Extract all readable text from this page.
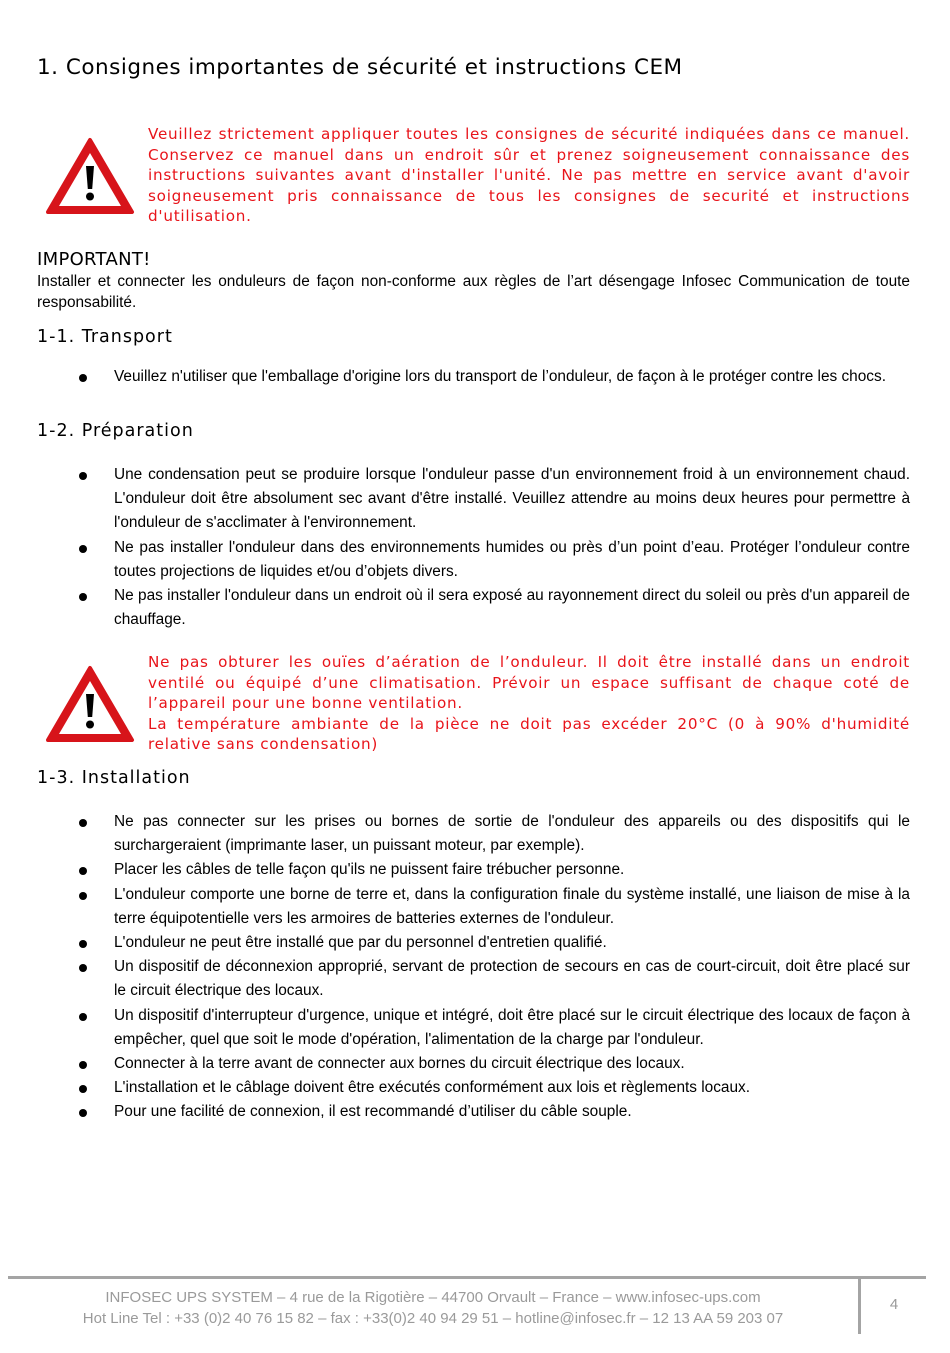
1. Consignes importantes de sécurité et instructions CEM

Veuillez strictement appliquer toutes les consignes de sécurité indiquées dans ce manuel. Conservez ce manuel dans un endroit sûr et prenez soigneusement connaissance des instructions suivantes avant d'installer l'unité. Ne pas mettre en service avant d'avoir soigneusement pris connaissance de tous les consignes de securité et instructions d'utilisation.

IMPORTANT!
Installer et connecter les onduleurs de façon non-conforme aux règles de l’art désengage Infosec Communication de toute responsabilité.
1-1. Transport
Veuillez n'utiliser que l'emballage d'origine lors du transport de l’onduleur, de façon à le protéger contre les chocs.
1-2. Préparation
Une condensation peut se produire lorsque l'onduleur passe d'un environnement froid à un environnement chaud. L'onduleur doit être absolument sec avant d'être installé. Veuillez attendre au moins deux heures pour permettre à l'onduleur de s'acclimater à l'environnement.
Ne pas installer l'onduleur dans des environnements humides ou près d’un point d’eau. Protéger l’onduleur contre toutes projections de liquides et/ou d’objets divers.
Ne pas installer l'onduleur dans un endroit où il sera exposé au rayonnement direct du soleil ou près d'un appareil de chauffage.

Ne pas obturer les ouïes d’aération de l’onduleur. Il doit être installé dans un endroit ventilé ou équipé d’une climatisation. Prévoir un espace suffisant de chaque coté de l’appareil pour une bonne ventilation.

La température ambiante de la pièce ne doit pas excéder 20°C (0 à 90% d'humidité relative sans condensation)

1-3. Installation
Ne pas connecter sur les prises ou bornes de sortie de l'onduleur des appareils ou des dispositifs qui le surchargeraient (imprimante laser, un puissant moteur, par exemple).
Placer les câbles de telle façon qu'ils ne puissent faire trébucher personne.
L'onduleur comporte une borne de terre et, dans la configuration finale du système installé, une liaison de mise à la terre équipotentielle vers les armoires de batteries externes de l'onduleur.
L'onduleur ne peut être installé que par du personnel d'entretien qualifié.
Un dispositif de déconnexion approprié, servant de protection de secours en cas de court-circuit, doit être placé sur le circuit électrique des locaux.
Un dispositif d'interrupteur d'urgence, unique et intégré, doit être placé sur le circuit électrique des locaux de façon à empêcher, quel que soit le mode d'opération, l'alimentation de la charge par l'onduleur.
Connecter à la terre avant de connecter aux bornes du circuit électrique des locaux.
L'installation et le câblage doivent être exécutés conformément aux lois et règlements locaux.
Pour une facilité de connexion, il est recommandé d’utiliser du câble souple.
INFOSEC UPS SYSTEM – 4 rue de la Rigotière – 44700 Orvault – France – www.infosec-ups.com
Hot Line Tel : +33 (0)2 40 76 15 82 – fax : +33(0)2 40 94 29 51 – hotline@infosec.fr – 12 13 AA 59 203 07
4
